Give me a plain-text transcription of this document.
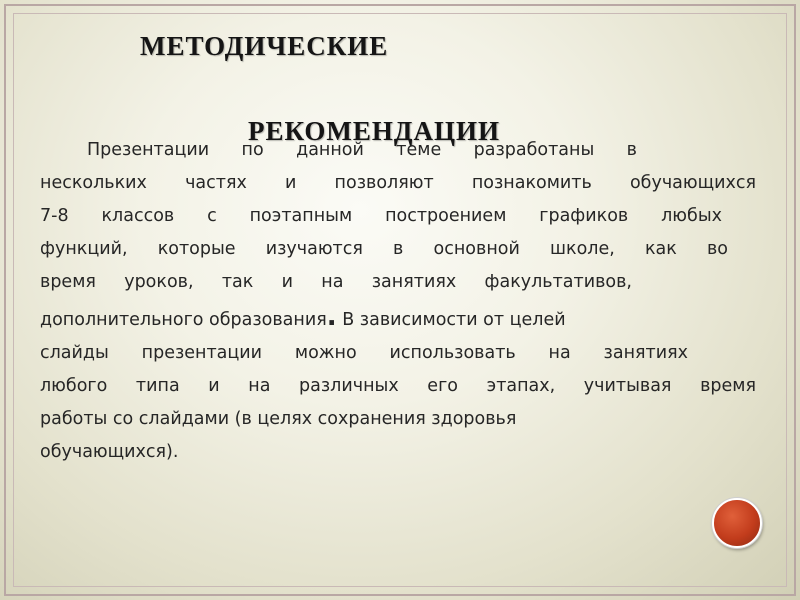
МЕТОДИЧЕСКИЕ
РЕКОМЕНДАЦИИ
Презентации по данной теме разработаны в
нескольких частях и позволяют познакомить обучающихся
7-8 классов с поэтапным построением графиков любых
функций, которые изучаются в основной школе, как во
время уроков, так и на занятиях факультативов,
дополнительного образования. В зависимости от целей
слайды презентации можно использовать на занятиях
любого типа и на различных его этапах, учитывая время
работы со слайдами (в целях сохранения здоровья
обучающихся).
